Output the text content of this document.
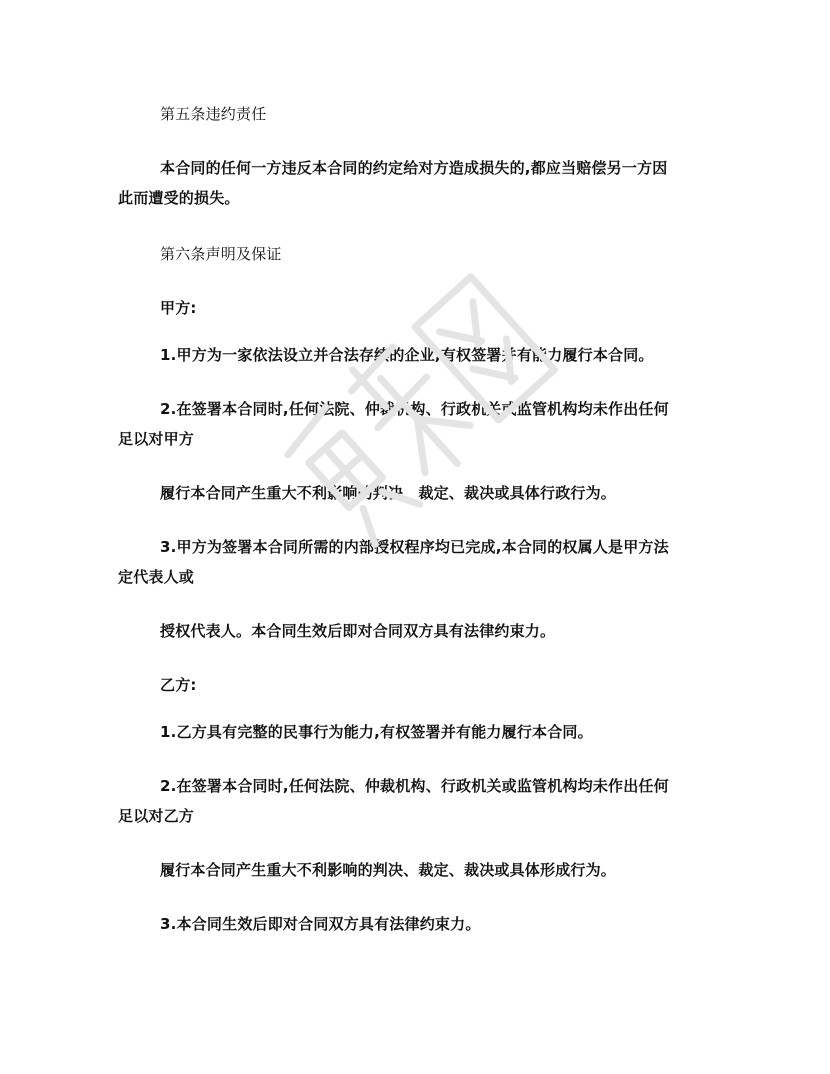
第五条违约责任
本合同的任何一方违反本合同的约定给对方造成损失的,都应当赔偿另一方因
此而遭受的损失。
第六条声明及保证
甲方:
1.甲方为一家依法设立并合法存续的企业,有权签署并有能力履行本合同。
2.在签署本合同时,任何法院、仲裁机构、行政机关或监管机构均未作出任何
足以对甲方
履行本合同产生重大不利影响的判决、裁定、裁决或具体行政行为。
3.甲方为签署本合同所需的内部授权程序均已完成,本合同的权属人是甲方法
定代表人或
授权代表人。本合同生效后即对合同双方具有法律约束力。
乙方:
1.乙方具有完整的民事行为能力,有权签署并有能力履行本合同。
2.在签署本合同时,任何法院、仲裁机构、行政机关或监管机构均未作出任何
足以对乙方
履行本合同产生重大不利影响的判决、裁定、裁决或具体形成行为。
3.本合同生效后即对合同双方具有法律约束力。
